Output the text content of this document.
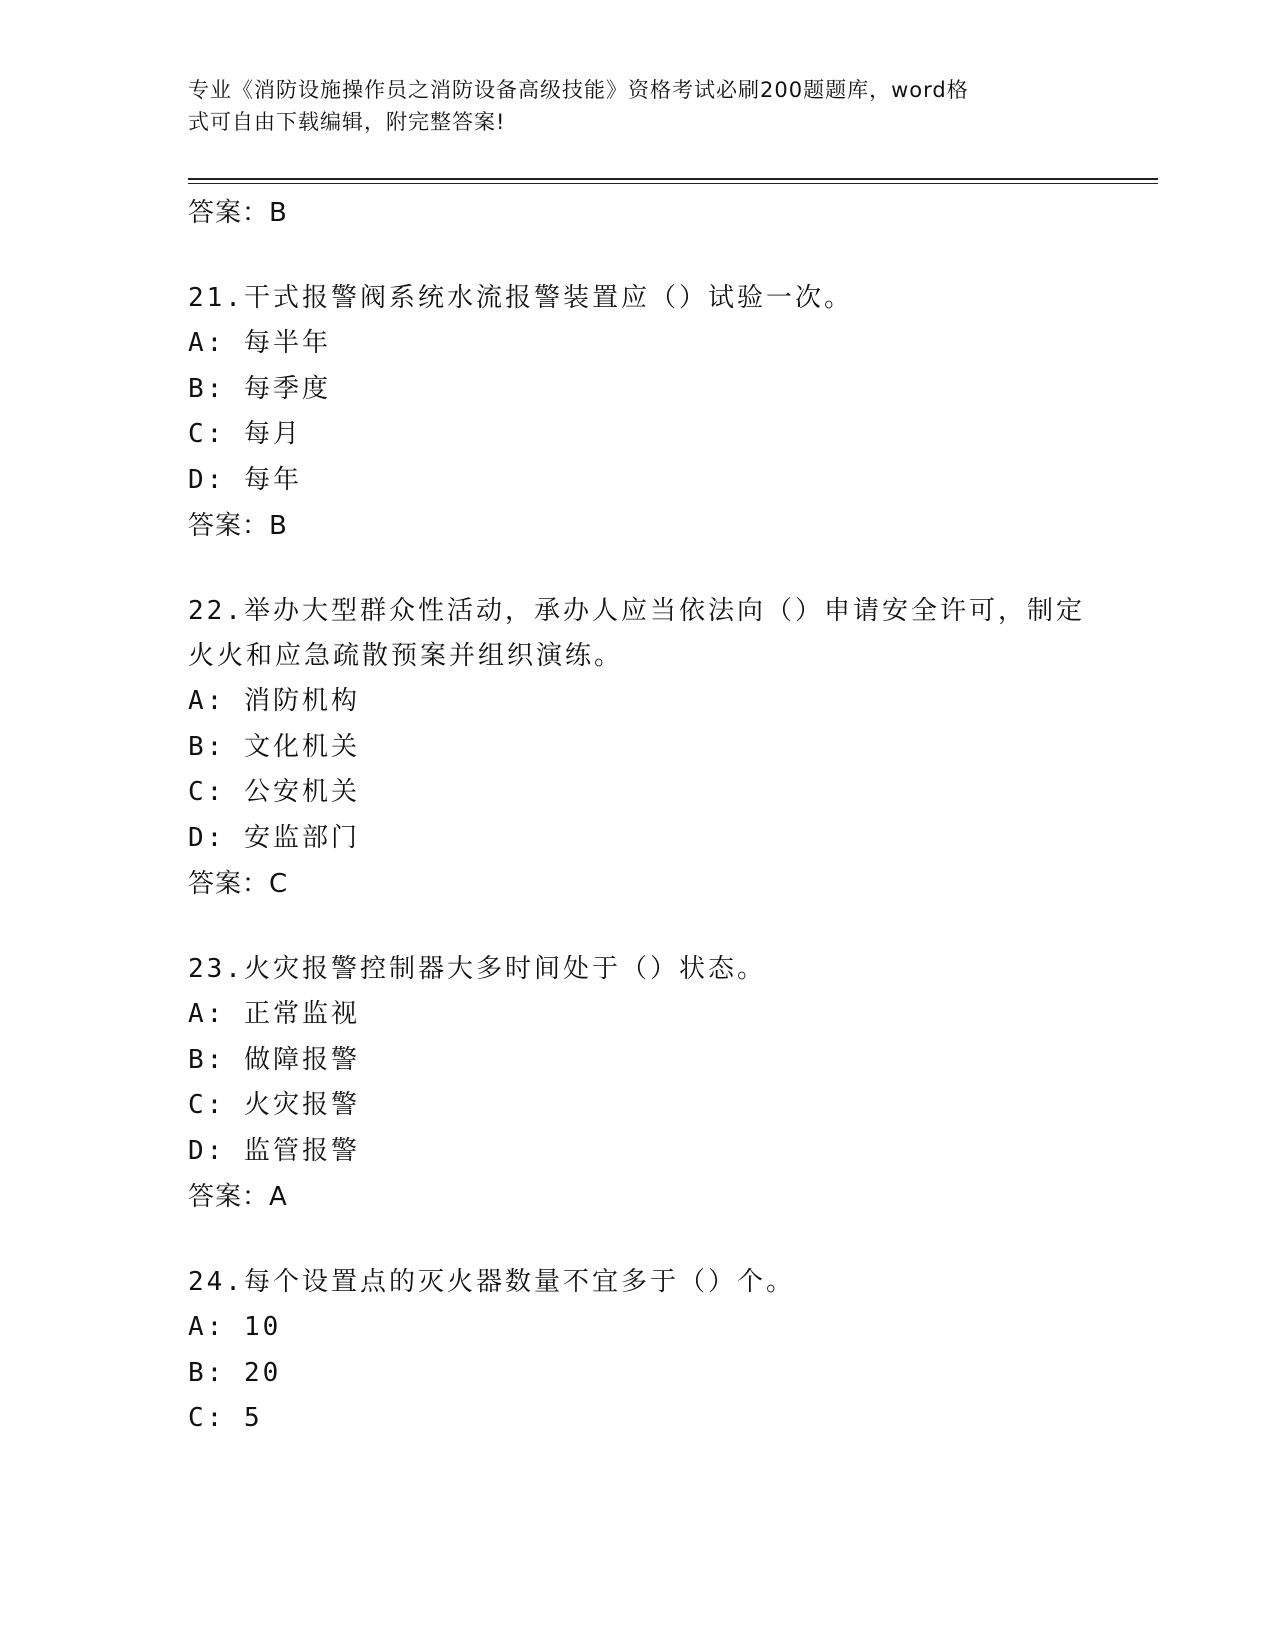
专业《消防设施操作员之消防设备高级技能》资格考试必刷200题题库，word格
式可自由下载编辑，附完整答案!

答案：B

21.干式报警阀系统水流报警装置应（）试验一次。

A: 每半年

B: 每季度

C: 每月

D: 每年

答案：B

22.举办大型群众性活动，承办人应当依法向（）申请安全许可，制定

火火和应急疏散预案并组织演练。

A: 消防机构

B: 文化机关

C: 公安机关

D: 安监部门

答案：C

23.火灾报警控制器大多时间处于（）状态。

A: 正常监视

B: 做障报警

C: 火灾报警

D: 监管报警

答案：A

24.每个设置点的灭火器数量不宜多于（）个。

A: 10

B: 20

C: 5
